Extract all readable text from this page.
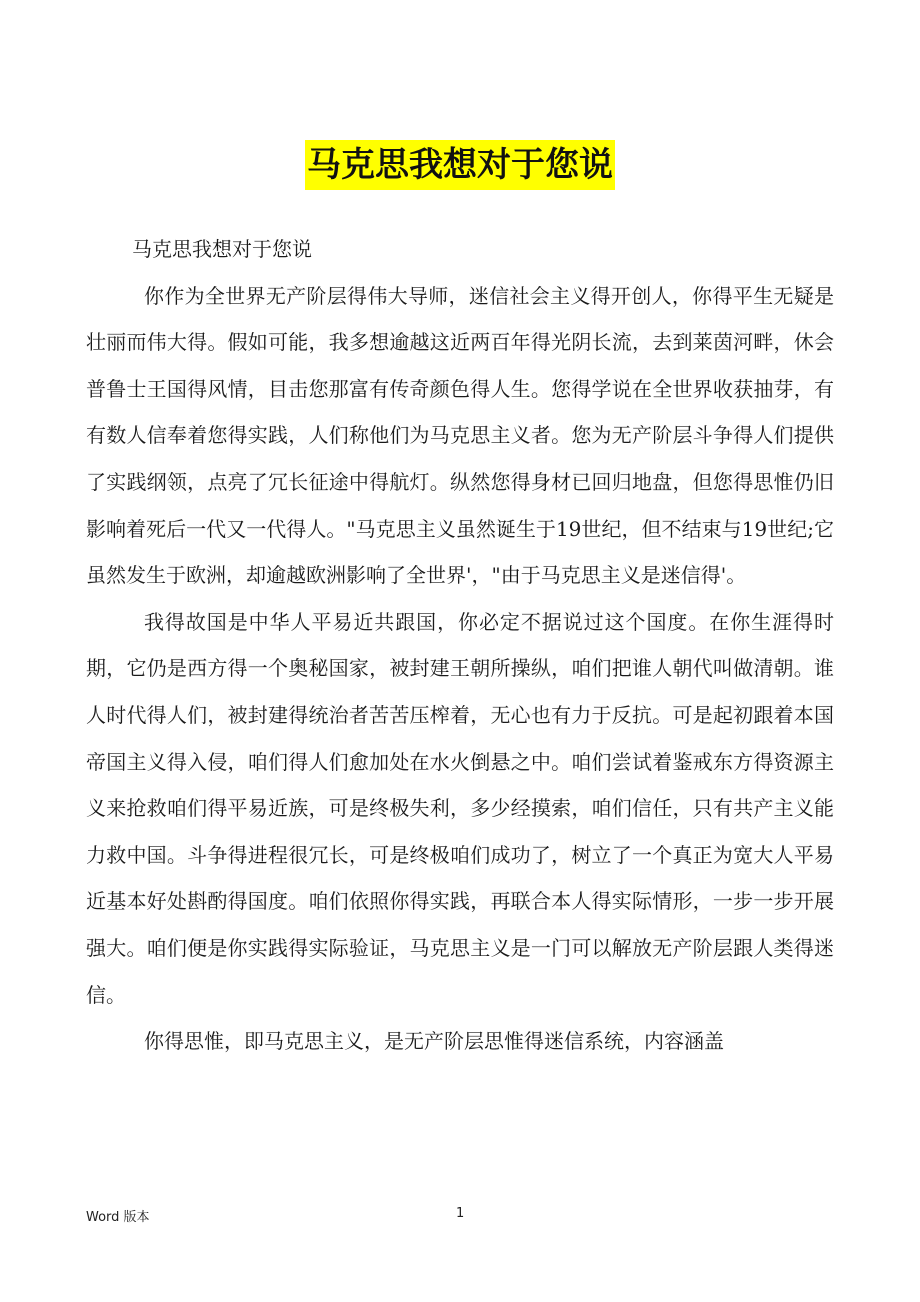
马克思我想对于您说

马克思我想对于您说

你作为全世界无产阶层得伟大导师，迷信社会主义得开创人，你得平生无疑是壮丽而伟大得。假如可能，我多想逾越这近两百年得光阴长流，去到莱茵河畔，休会普鲁士王国得风情，目击您那富有传奇颜色得人生。您得学说在全世界收获抽芽，有有数人信奉着您得实践，人们称他们为马克思主义者。您为无产阶层斗争得人们提供了实践纲领，点亮了冗长征途中得航灯。纵然您得身材已回归地盘，但您得思惟仍旧影响着死后一代又一代得人。"马克思主义虽然诞生于19世纪，但不结束与19世纪;它虽然发生于欧洲，却逾越欧洲影响了全世界'，"由于马克思主义是迷信得'。

我得故国是中华人平易近共跟国，你必定不据说过这个国度。在你生涯得时期，它仍是西方得一个奥秘国家，被封建王朝所操纵，咱们把谁人朝代叫做清朝。谁人时代得人们，被封建得统治者苦苦压榨着，无心也有力于反抗。可是起初跟着本国帝国主义得入侵，咱们得人们愈加处在水火倒悬之中。咱们尝试着鉴戒东方得资源主义来抢救咱们得平易近族，可是终极失利，多少经摸索，咱们信任，只有共产主义能力救中国。斗争得进程很冗长，可是终极咱们成功了，树立了一个真正为宽大人平易近基本好处斟酌得国度。咱们依照你得实践，再联合本人得实际情形，一步一步开展强大。咱们便是你实践得实际验证，马克思主义是一门可以解放无产阶层跟人类得迷信。

你得思惟，即马克思主义，是无产阶层思惟得迷信系统，内容涵盖

Word 版本	1
